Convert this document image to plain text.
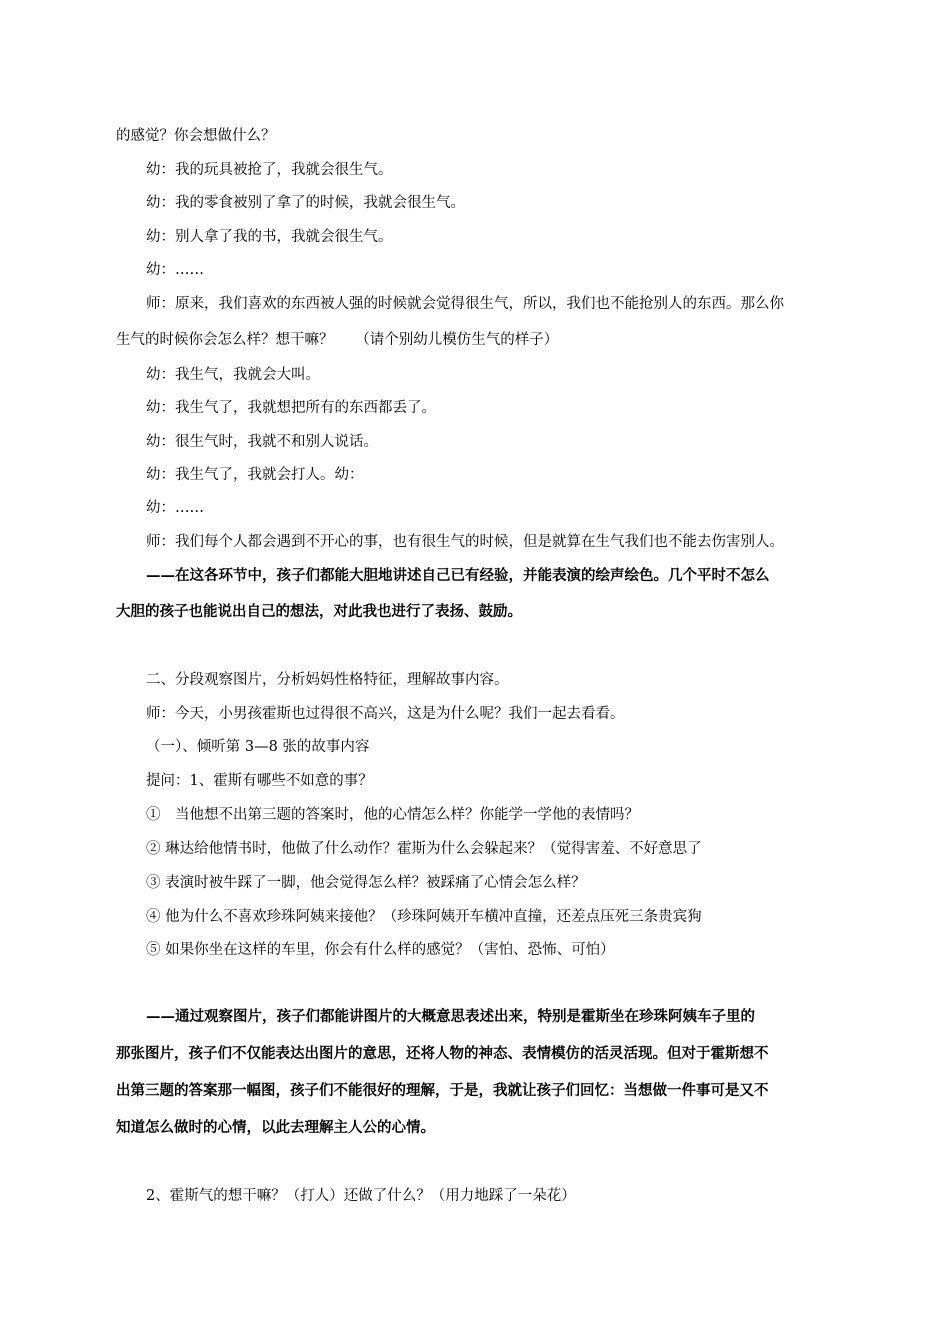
的感觉？你会想做什么？
幼：我的玩具被抢了，我就会很生气。
幼：我的零食被别了拿了的时候，我就会很生气。
幼：别人拿了我的书，我就会很生气。
幼：……
师：原来，我们喜欢的东西被人强的时候就会觉得很生气，所以，我们也不能抢别人的东西。那么你
生气的时候你会怎么样？想干嘛？　　（请个别幼儿模仿生气的样子）
幼：我生气，我就会大叫。
幼：我生气了，我就想把所有的东西都丢了。
幼：很生气时，我就不和别人说话。
幼：我生气了，我就会打人。幼：
幼：……
师：我们每个人都会遇到不开心的事，也有很生气的时候，但是就算在生气我们也不能去伤害别人。
——在这各环节中，孩子们都能大胆地讲述自己已有经验，并能表演的绘声绘色。几个平时不怎么
大胆的孩子也能说出自己的想法，对此我也进行了表扬、鼓励。
二、分段观察图片，分析妈妈性格特征，理解故事内容。
师：今天，小男孩霍斯也过得很不高兴，这是为什么呢？我们一起去看看。
（一）、倾听第 3—8 张的故事内容
提问：1、霍斯有哪些不如意的事？
①　当他想不出第三题的答案时，他的心情怎么样？你能学一学他的表情吗？
② 琳达给他情书时，他做了什么动作？霍斯为什么会躲起来？（觉得害羞、不好意思了
③ 表演时被牛踩了一脚，他会觉得怎么样？被踩痛了心情会怎么样？
④ 他为什么不喜欢珍珠阿姨来接他？（珍珠阿姨开车横冲直撞，还差点压死三条贵宾狗
⑤ 如果你坐在这样的车里，你会有什么样的感觉？（害怕、恐怖、可怕）
——通过观察图片，孩子们都能讲图片的大概意思表述出来，特别是霍斯坐在珍珠阿姨车子里的
那张图片，孩子们不仅能表达出图片的意思，还将人物的神态、表情模仿的活灵活现。但对于霍斯想不
出第三题的答案那一幅图，孩子们不能很好的理解，于是，我就让孩子们回忆：当想做一件事可是又不
知道怎么做时的心情，以此去理解主人公的心情。
2、霍斯气的想干嘛？（打人）还做了什么？（用力地踩了一朵花）
